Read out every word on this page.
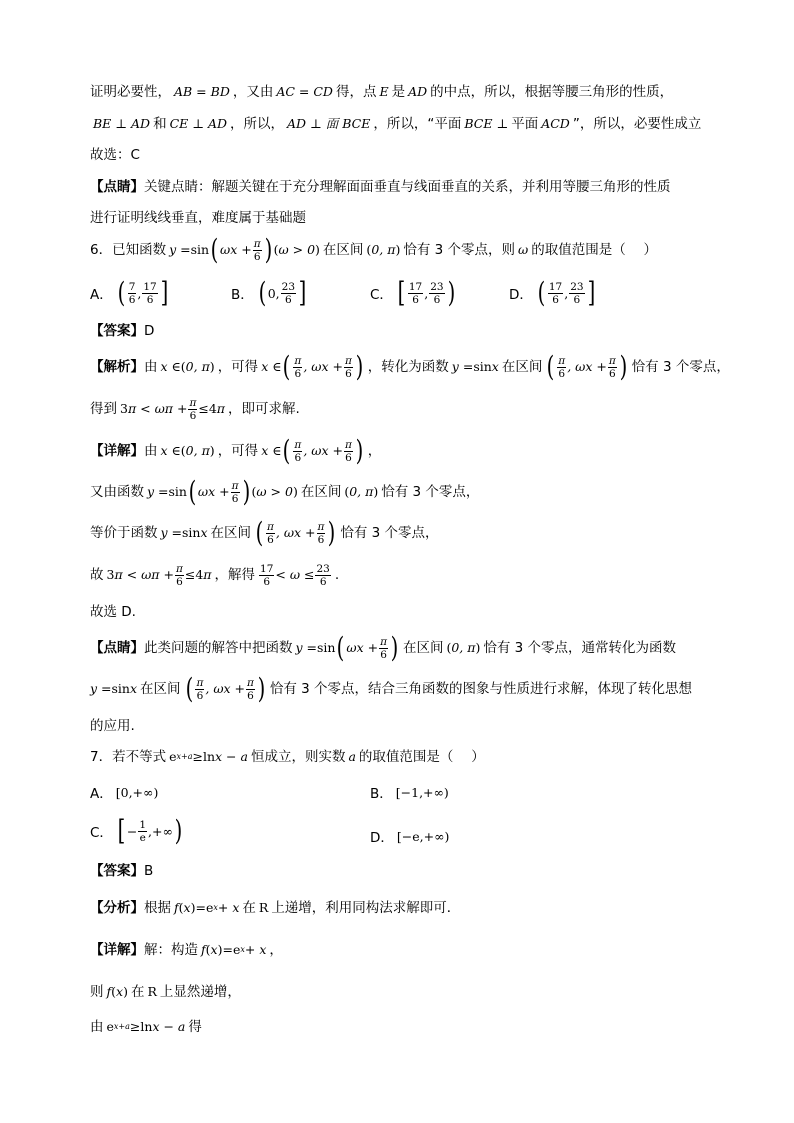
证明必要性， AB = BD ，又由 AC = CD 得，点 E 是 AD 的中点，所以，根据等腰三角形的性质，
BE ⊥ AD 和 CE ⊥ AD ，所以， AD ⊥ 面 BCE ，所以，“平面 BCE ⊥ 平面 ACD ”，所以，必要性成立
故选：C
【点睛】 关键点睛：解题关键在于充分理解面面垂直与线面垂直的关系，并利用等腰三角形的性质
进行证明线线垂直，难度属于基础题
6．已知函数 y = sin ( $\omega x + \frac{\pi}{6}$ ) ( ω > 0 ) 在区间 ( 0, π ) 恰有 3 个零点，则 ω 的取值范围是（　 ）
A． ( $\frac{7}{6}$ , $\frac{17}{6}$ ]	B． ( 0, $\frac{23}{6}$ ]	C． [ $\frac{17}{6}$ , $\frac{23}{6}$ )	D． ( $\frac{17}{6}$ , $\frac{23}{6}$ ]
【答案】 D
【解析】 由 x ∈ ( 0, π ) ，可得 x ∈ ( $\frac{\pi}{6}$ , $\omega x + \frac{\pi}{6}$ ) ，转化为函数 y = sin x 在区间 ( $\frac{\pi}{6}$ , $\omega x + \frac{\pi}{6}$ ) 恰有 3 个零点，
得到 3 $\pi < \omega\pi + \frac{\pi}{6} \le 4$ π ，即可求解.
【详解】 由 x ∈ ( 0, π ) ，可得 x ∈ ( $\frac{\pi}{6}$ , $\omega x + \frac{\pi}{6}$ ) ，
又由函数 y = sin ( $\omega x + \frac{\pi}{6}$ ) ( ω > 0 ) 在区间 ( 0, π ) 恰有 3 个零点，
等价于函数 y = sin x 在区间 ( $\frac{\pi}{6}$ , $\omega x + \frac{\pi}{6}$ ) 恰有 3 个零点，
故 3 $\pi < \omega\pi + \frac{\pi}{6} \le 4$ π ，解得 $\frac{17}{6} < \omega \le \frac{23}{6}$ .
故选 D.
【点睛】 此类问题的解答中把函数 y = sin ( $\omega x + \frac{\pi}{6}$ ) 在区间 ( 0, π ) 恰有 3 个零点，通常转化为函数
y = sin x 在区间 ( $\frac{\pi}{6}$ , $\omega x + \frac{\pi}{6}$ ) 恰有 3 个零点，结合三角函数的图象与性质进行求解，体现了转化思想
的应用.
7．若不等式 e x+a ≥ ln x − a 恒成立，则实数 a 的取值范围是（　 ）
A． [0,+∞)	B． [−1,+∞)
C． [ − $\frac{1}{e}$ ,+∞ )	D． [−e,+∞)
【答案】 B
【分析】 根据 f ( x ) = e x + x 在 R 上递增，利用同构法求解即可．
【详解】 解：构造 f ( x ) = e x + x ，
则 f ( x ) 在 R 上显然递增，
由 e x+a ≥ ln x − a 得
